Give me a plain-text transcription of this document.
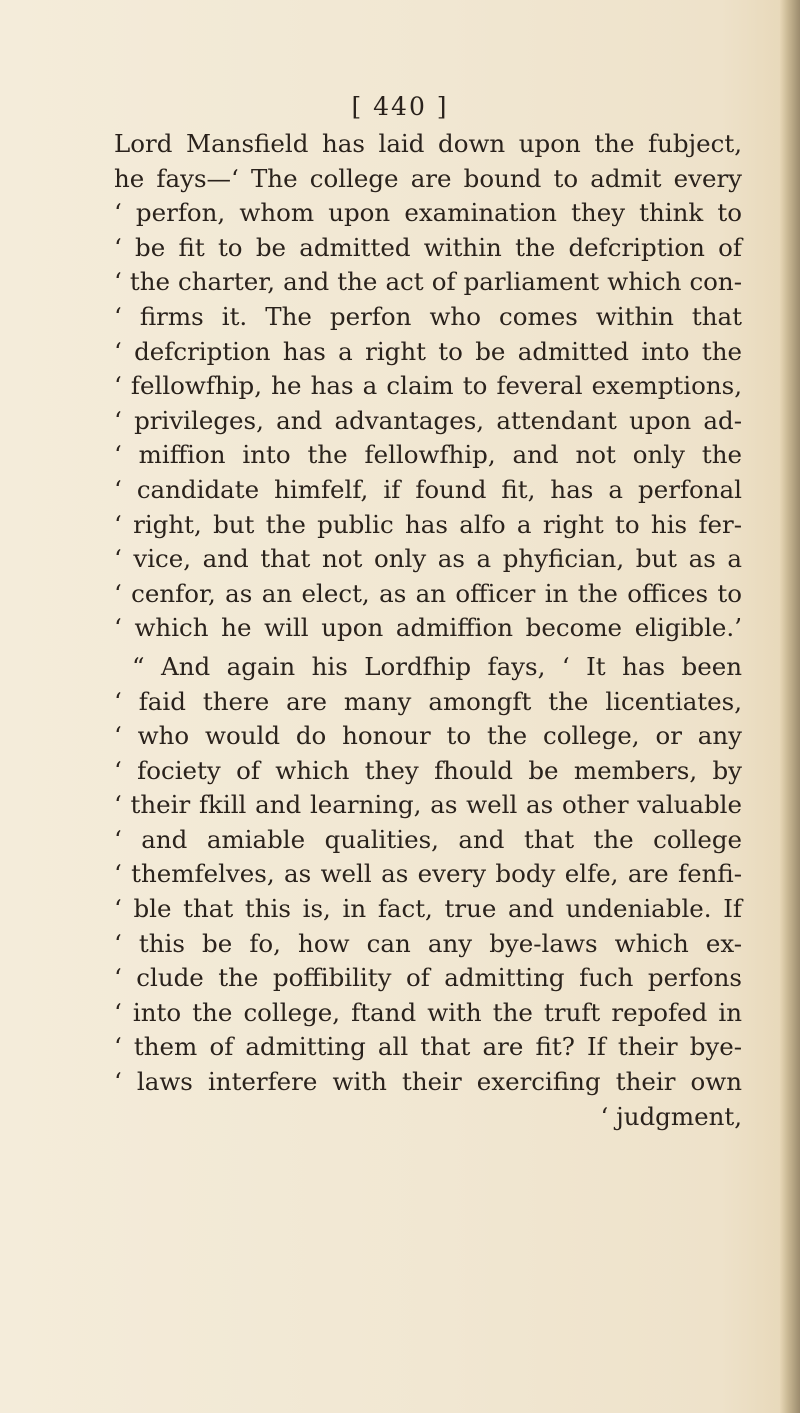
[ 440 ]

Lord Mansfield has laid down upon the fubject,
he fays—‘ The college are bound to admit every
‘ perfon, whom upon examination they think to
‘ be fit to be admitted within the defcription of
‘ the charter, and the act of parliament which con-
‘ firms it. The perfon who comes within that
‘ defcription has a right to be admitted into the
‘ fellowfhip, he has a claim to feveral exemptions,
‘ privileges, and advantages, attendant upon ad-
‘ miffion into the fellowfhip, and not only the
‘ candidate himfelf, if found fit, has a perfonal
‘ right, but the public has alfo a right to his fer-
‘ vice, and that not only as a phyfician, but as a
‘ cenfor, as an elect, as an officer in the offices to
‘ which he will upon admiffion become eligible.’

“ And again his Lordfhip fays, ‘ It has been
‘ faid there are many amongft the licentiates,
‘ who would do honour to the college, or any
‘ fociety of which they fhould be members, by
‘ their fkill and learning, as well as other valuable
‘ and amiable qualities, and that the college
‘ themfelves, as well as every body elfe, are fenfi-
‘ ble that this is, in fact, true and undeniable. If
‘ this be fo, how can any bye-laws which ex-
‘ clude the poffibility of admitting fuch perfons
‘ into the college, ftand with the truft repofed in
‘ them of admitting all that are fit? If their bye-
‘ laws interfere with their exercifing their own
‘ judgment,
